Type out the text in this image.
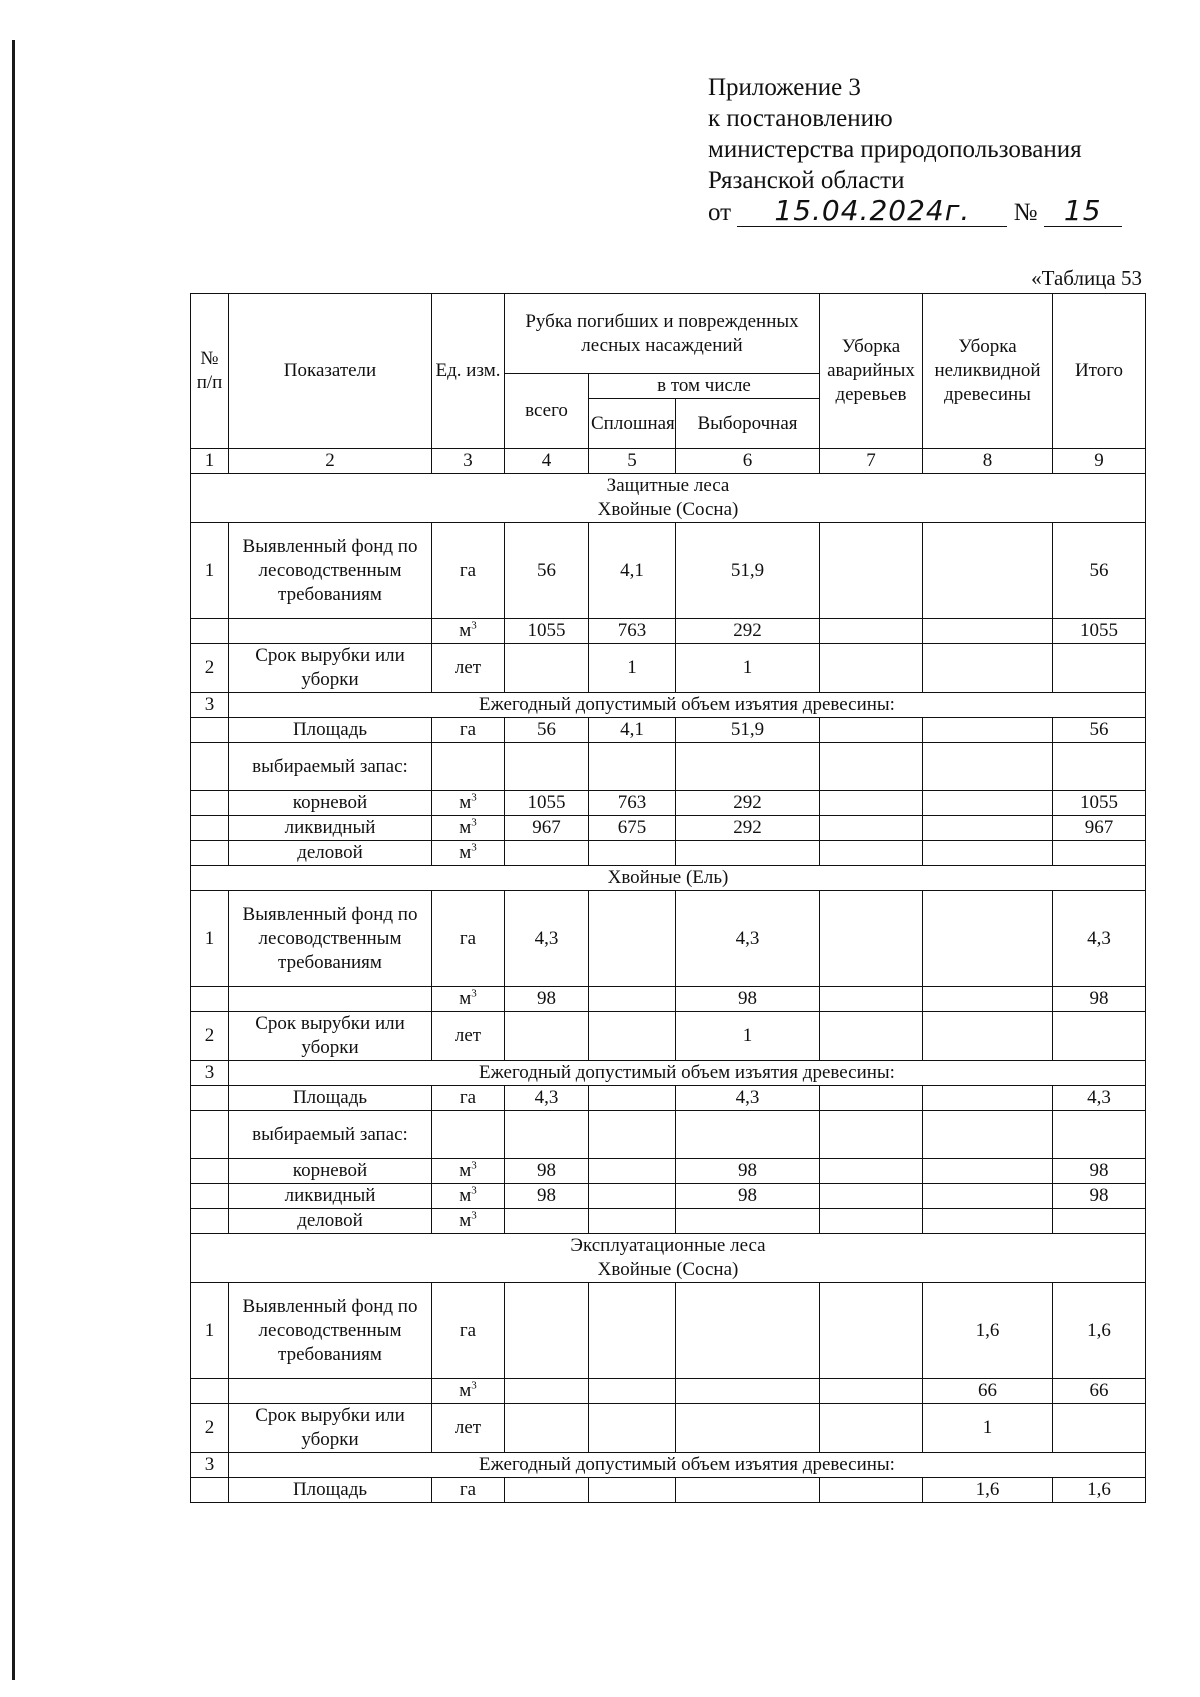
Приложение 3
к постановлению
министерства природопользования
Рязанской области
от 15.04.2024г. № 15
«Таблица 53
№ п/п	Показатели	Ед. изм.	Рубка погибших и поврежденных лесных насаждений			Уборка аварийных деревьев	Уборка неликвидной древесины	Итого
			всего	в том числе				
				Сплошная	Выборочная			
1	2	3	4	5	6	7	8	9

Защитные леса
Хвойные (Сосна)								

1	Выявленный фонд по лесоводственным требованиям	га	56	4,1	51,9			56
		$м^3$	1055	763	292			1055
2	Срок вырубки или уборки	лет		1	1			
3	Ежегодный допустимый объем изъятия древесины:							
	Площадь	га	56	4,1	51,9			56
	выбираемый запас:							
	корневой	$м^3$	1055	763	292			1055
	ликвидный	$м^3$	967	675	292			967
	деловой	$м^3$						

Хвойные (Ель)								

1	Выявленный фонд по лесоводственным требованиям	га	4,3		4,3			4,3
		$м^3$	98		98			98
2	Срок вырубки или уборки	лет			1			
3	Ежегодный допустимый объем изъятия древесины:							
	Площадь	га	4,3		4,3			4,3
	выбираемый запас:							
	корневой	$м^3$	98		98			98
	ликвидный	$м^3$	98		98			98
	деловой	$м^3$						

Эксплуатационные леса
Хвойные (Сосна)								

1	Выявленный фонд по лесоводственным требованиям	га					1,6	1,6
		$м^3$					66	66
2	Срок вырубки или уборки	лет					1	
3	Ежегодный допустимый объем изъятия древесины:							
	Площадь	га					1,6	1,6
